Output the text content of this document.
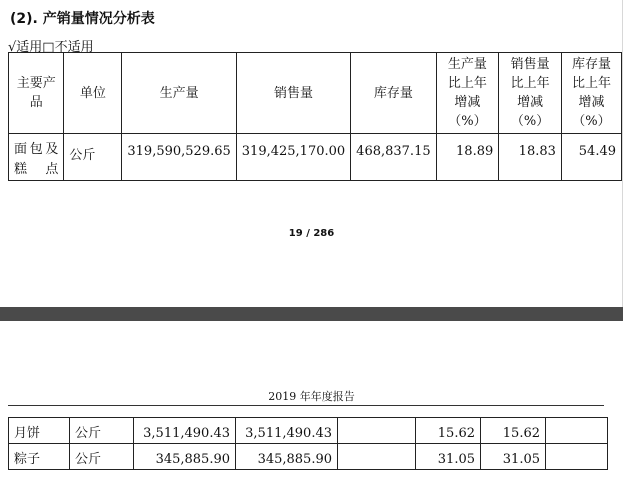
(2). 产销量情况分析表
√适用□不适用
主要产品	单位	生产量	销售量	库存量	生产量比上年增减（%）	销售量比上年增减（%）	库存量比上年增减（%）
面包及糕点	公斤	319,590,529.65	319,425,170.00	468,837.15	18.89	18.83	54.49
19 / 286
2019 年年度报告
月饼	公斤	3,511,490.43	3,511,490.43		15.62	15.62	
粽子	公斤	345,885.90	345,885.90		31.05	31.05	
